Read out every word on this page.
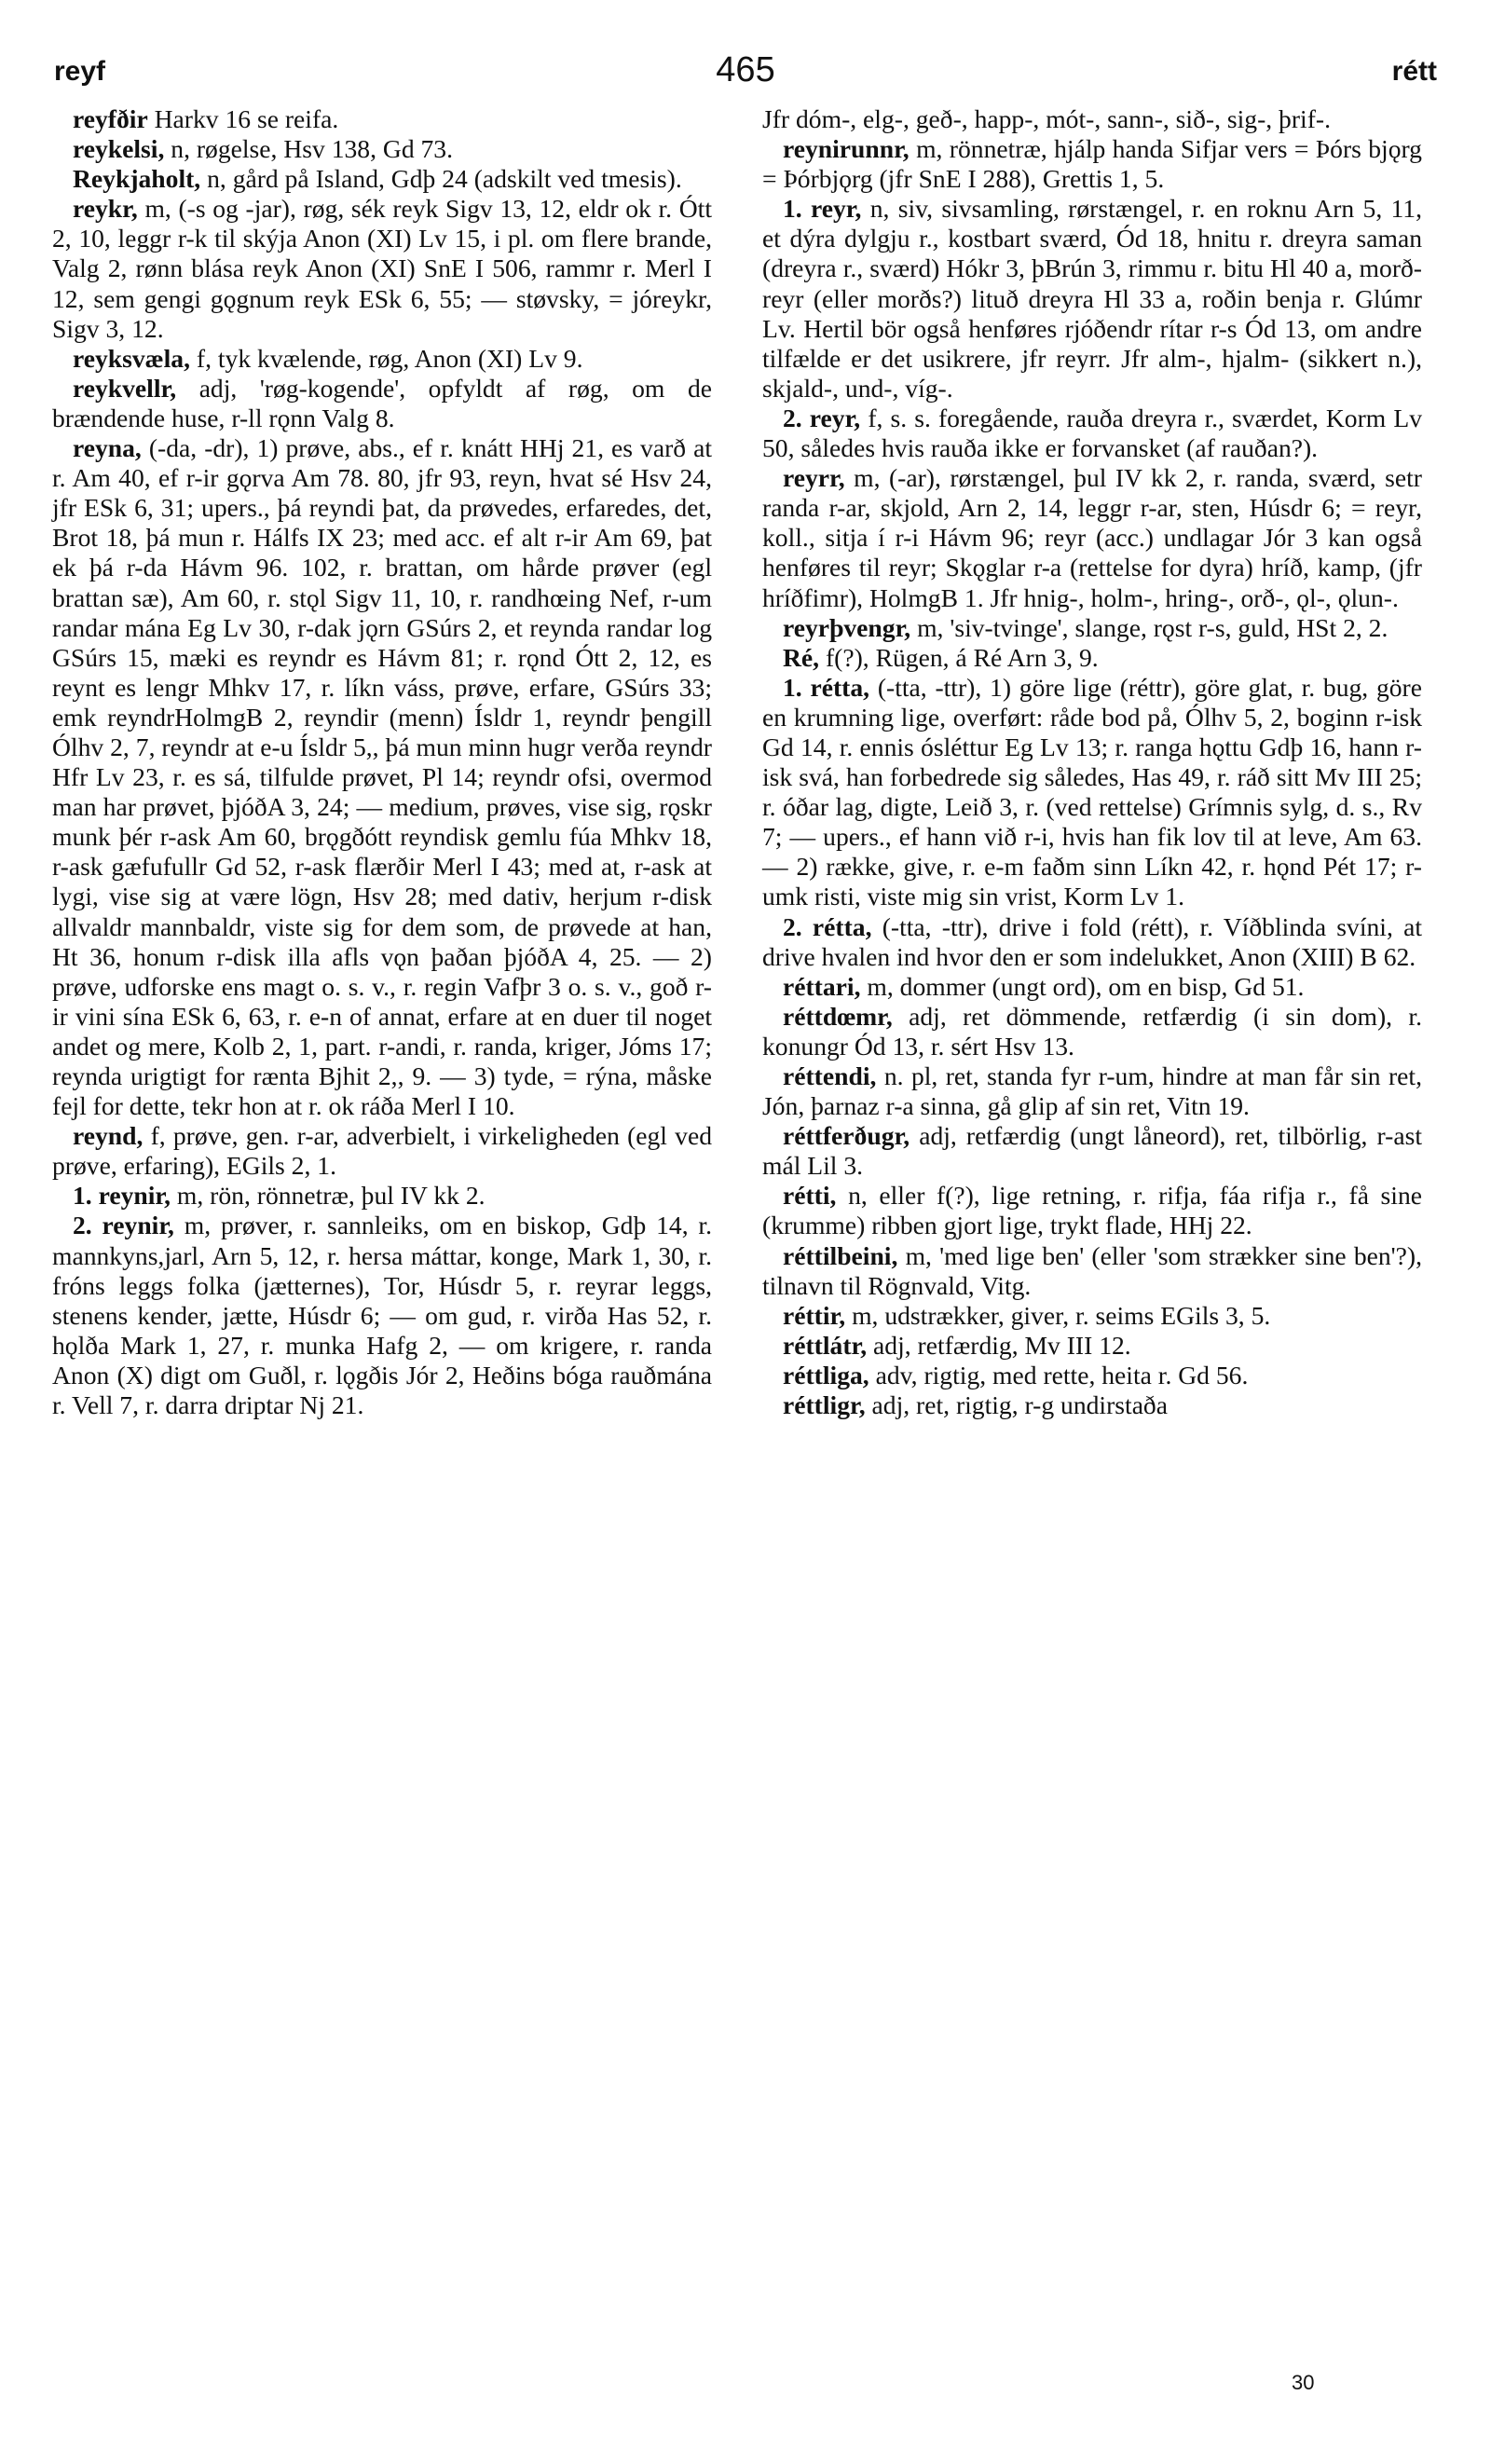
reyf	465	rétt

reyfðir Harkv 16 se reifa.

reykelsi, n, røgelse, Hsv 138, Gd 73.

Reykjaholt, n, gård på Island, Gdþ 24 (adskilt ved tmesis).

reykr, m, (-s og -jar), røg, sék reyk Sigv 13, 12, eldr ok r. Ótt 2, 10, leggr r-k til skýja Anon (XI) Lv 15, i pl. om flere brande, Valg 2, rønn blása reyk Anon (XI) SnE I 506, rammr r. Merl I 12, sem gengi gǫgnum reyk ESk 6, 55; — støvsky, = jóreykr, Sigv 3, 12.

reyksvæla, f, tyk kvælende, røg, Anon (XI) Lv 9.

reykvellr, adj, 'røg-kogende', opfyldt af røg, om de brændende huse, r-ll rǫnn Valg 8.

reyna, (-da, -dr), 1) prøve, abs., ef r. knátt HHj 21, es varð at r. Am 40, ef r-ir gǫrva Am 78. 80, jfr 93, reyn, hvat sé Hsv 24, jfr ESk 6, 31; upers., þá reyndi þat, da prøvedes, erfaredes, det, Brot 18, þá mun r. Hálfs IX 23; med acc. ef alt r-ir Am 69, þat ek þá r-da Hávm 96. 102, r. brattan, om hårde prøver (egl brattan sæ), Am 60, r. stǫl Sigv 11, 10, r. randhœing Nef, r-um randar mána Eg Lv 30, r-dak jǫrn GSúrs 2, et reynda randar log GSúrs 15, mæki es reyndr es Hávm 81; r. rǫnd Ótt 2, 12, es reynt es lengr Mhkv 17, r. líkn váss, prøve, erfare, GSúrs 33; emk reyndrHolmgB 2, reyndir (menn) Ísldr 1, reyndr þengill Ólhv 2, 7, reyndr at e-u Ísldr 5,, þá mun minn hugr verða reyndr Hfr Lv 23, r. es sá, tilfulde prøvet, Pl 14; reyndr ofsi, overmod man har prøvet, þjóðA 3, 24; — medium, prøves, vise sig, rǫskr munk þér r-ask Am 60, brǫgðótt reyndisk gemlu fúa Mhkv 18, r-ask gæfufullr Gd 52, r-ask flærðir Merl I 43; med at, r-ask at lygi, vise sig at være lögn, Hsv 28; med dativ, herjum r-disk allvaldr mannbaldr, viste sig for dem som, de prøvede at han, Ht 36, honum r-disk illa afls vǫn þaðan þjóðA 4, 25. — 2) prøve, udforske ens magt o. s. v., r. regin Vafþr 3 o. s. v., goð r-ir vini sína ESk 6, 63, r. e-n of annat, erfare at en duer til noget andet og mere, Kolb 2, 1, part. r-andi, r. randa, kriger, Jóms 17; reynda urigtigt for rænta Bjhit 2,, 9. — 3) tyde, = rýna, måske fejl for dette, tekr hon at r. ok ráða Merl I 10.

reynd, f, prøve, gen. r-ar, adverbielt, i virkeligheden (egl ved prøve, erfaring), EGils 2, 1.

1. reynir, m, rön, rönnetræ, þul IV kk 2.

2. reynir, m, prøver, r. sannleiks, om en biskop, Gdþ 14, r. mannkyns,jarl, Arn 5, 12, r. hersa máttar, konge, Mark 1, 30, r. fróns leggs folka (jætternes), Tor, Húsdr 5, r. reyrar leggs, stenens kender, jætte, Húsdr 6; — om gud, r. virða Has 52, r. hǫlða Mark 1, 27, r. munka Hafg 2, — om krigere, r. randa Anon (X) digt om Guðl, r. lǫgðis Jór 2, Heðins bóga rauðmána r. Vell 7, r. darra driptar Nj 21.

Jfr dóm-, elg-, geð-, happ-, mót-, sann-, sið-, sig-, þrif-.

reynirunnr, m, rönnetræ, hjálp handa Sifjar vers = Þórs bjǫrg = Þórbjǫrg (jfr SnE I 288), Grettis 1, 5.

1. reyr, n, siv, sivsamling, rørstængel, r. en roknu Arn 5, 11, et dýra dylgju r., kostbart sværd, Ód 18, hnitu r. dreyra saman (dreyra r., sværd) Hókr 3, þBrún 3, rimmu r. bitu Hl 40 a, morð-reyr (eller morðs?) lituð dreyra Hl 33 a, roðin benja r. Glúmr Lv. Hertil bör også henføres rjóðendr rítar r-s Ód 13, om andre tilfælde er det usikrere, jfr reyrr. Jfr alm-, hjalm- (sikkert n.), skjald-, und-, víg-.

2. reyr, f, s. s. foregående, rauða dreyra r., sværdet, Korm Lv 50, således hvis rauða ikke er forvansket (af rauðan?).

reyrr, m, (-ar), rørstængel, þul IV kk 2, r. randa, sværd, setr randa r-ar, skjold, Arn 2, 14, leggr r-ar, sten, Húsdr 6; = reyr, koll., sitja í r-i Hávm 96; reyr (acc.) undlagar Jór 3 kan også henføres til reyr; Skǫglar r-a (rettelse for dyra) hríð, kamp, (jfr hríðfimr), HolmgB 1. Jfr hnig-, holm-, hring-, orð-, ǫl-, ǫlun-.

reyrþvengr, m, 'siv-tvinge', slange, rǫst r-s, guld, HSt 2, 2.

Ré, f(?), Rügen, á Ré Arn 3, 9.

1. rétta, (-tta, -ttr), 1) göre lige (réttr), göre glat, r. bug, göre en krumning lige, overført: råde bod på, Ólhv 5, 2, boginn r-isk Gd 14, r. ennis ósléttur Eg Lv 13; r. ranga hǫttu Gdþ 16, hann r-isk svá, han forbedrede sig således, Has 49, r. ráð sitt Mv III 25; r. óðar lag, digte, Leið 3, r. (ved rettelse) Grímnis sylg, d. s., Rv 7; — upers., ef hann við r-i, hvis han fik lov til at leve, Am 63. — 2) række, give, r. e-m faðm sinn Líkn 42, r. hǫnd Pét 17; r-umk risti, viste mig sin vrist, Korm Lv 1.

2. rétta, (-tta, -ttr), drive i fold (rétt), r. Víðblinda svíni, at drive hvalen ind hvor den er som indelukket, Anon (XIII) B 62.

réttari, m, dommer (ungt ord), om en bisp, Gd 51.

réttdœmr, adj, ret dömmende, retfærdig (i sin dom), r. konungr Ód 13, r. sért Hsv 13.

réttendi, n. pl, ret, standa fyr r-um, hindre at man får sin ret, Jón, þarnaz r-a sinna, gå glip af sin ret, Vitn 19.

réttferðugr, adj, retfærdig (ungt låneord), ret, tilbörlig, r-ast mál Lil 3.

rétti, n, eller f(?), lige retning, r. rifja, fáa rifja r., få sine (krumme) ribben gjort lige, trykt flade, HHj 22.

réttilbeini, m, 'med lige ben' (eller 'som strækker sine ben'?), tilnavn til Rögnvald, Vitg.

réttir, m, udstrækker, giver, r. seims EGils 3, 5.

réttlátr, adj, retfærdig, Mv III 12.

réttliga, adv, rigtig, med rette, heita r. Gd 56.

réttligr, adj, ret, rigtig, r-g undirstaða

30
